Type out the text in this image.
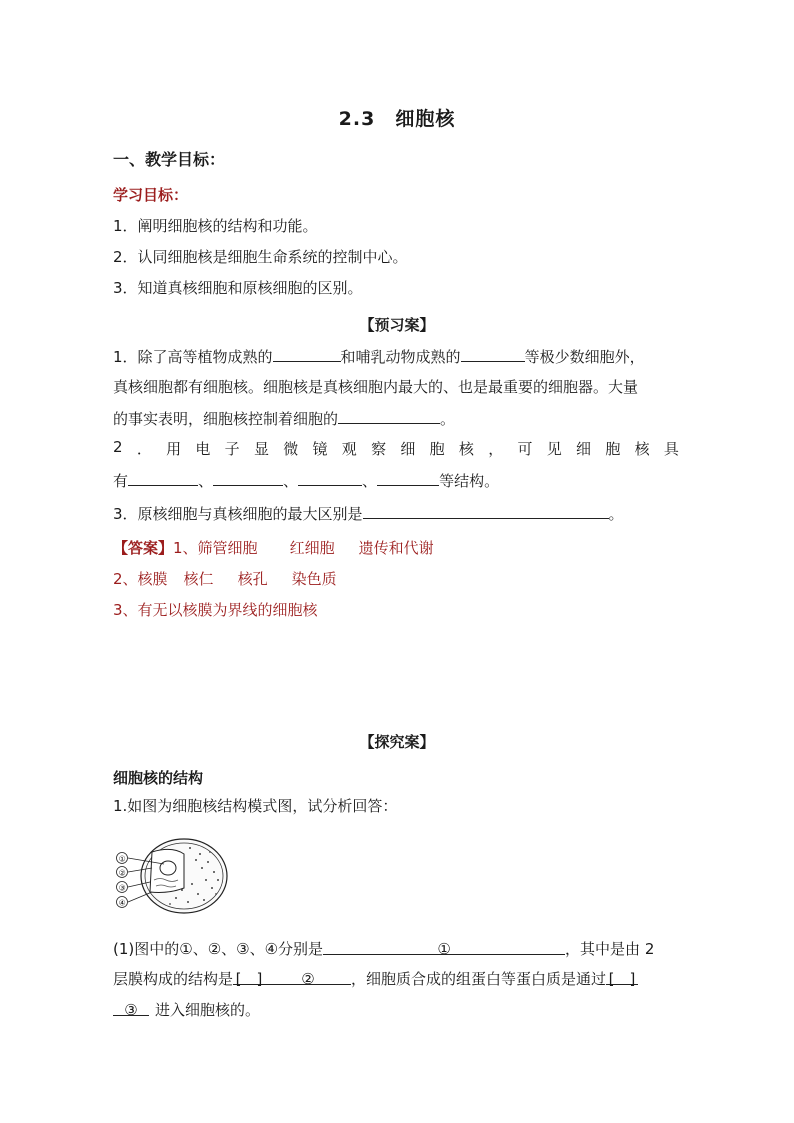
2.3　细胞核
一、教学目标：
学习目标：
1．阐明细胞核的结构和功能。
2．认同细胞核是细胞生命系统的控制中心。
3．知道真核细胞和原核细胞的区别。
【预习案】
1．除了高等植物成熟的	和哺乳动物成熟的	等极少数细胞外，
真核细胞都有细胞核。细胞核是真核细胞内最大的、也是最重要的细胞器。大量
的事实表明，细胞核控制着细胞的	。
2 ． 用 电 子 显 微 镜 观 察 细 胞 核 ， 可 见 细 胞 核 具
有	、	、	、	等结构。
3．原核细胞与真核细胞的最大区别是	。
【答案】1、筛管细胞 红细胞 遗传和代谢
2、核膜 核仁 核孔 染色质
3、有无以核膜为界线的细胞核
【探究案】
细胞核的结构
1.如图为细胞核结构模式图，试分析回答：
①
②
③
④
(1)图中的①、②、③、④分别是	①	，其中是由 2
层膜构成的结构是 [　]	② ，细胞质合成的组蛋白等蛋白质是通过 [　]
③ 进入细胞核的。
